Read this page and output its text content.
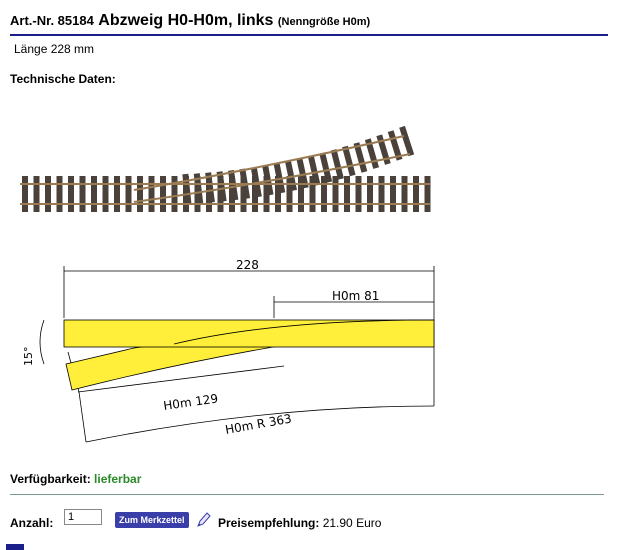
Art.-Nr. 85184 Abzweig H0-H0m, links (Nenngröße H0m)
Länge 228 mm
Technische Daten:
228
H0m 81
H0m 129
H0m R 363
15°
Verfügbarkeit: lieferbar
Anzahl:
1	Zum Merkzettel	Preisempfehlung: 21.90 Euro
